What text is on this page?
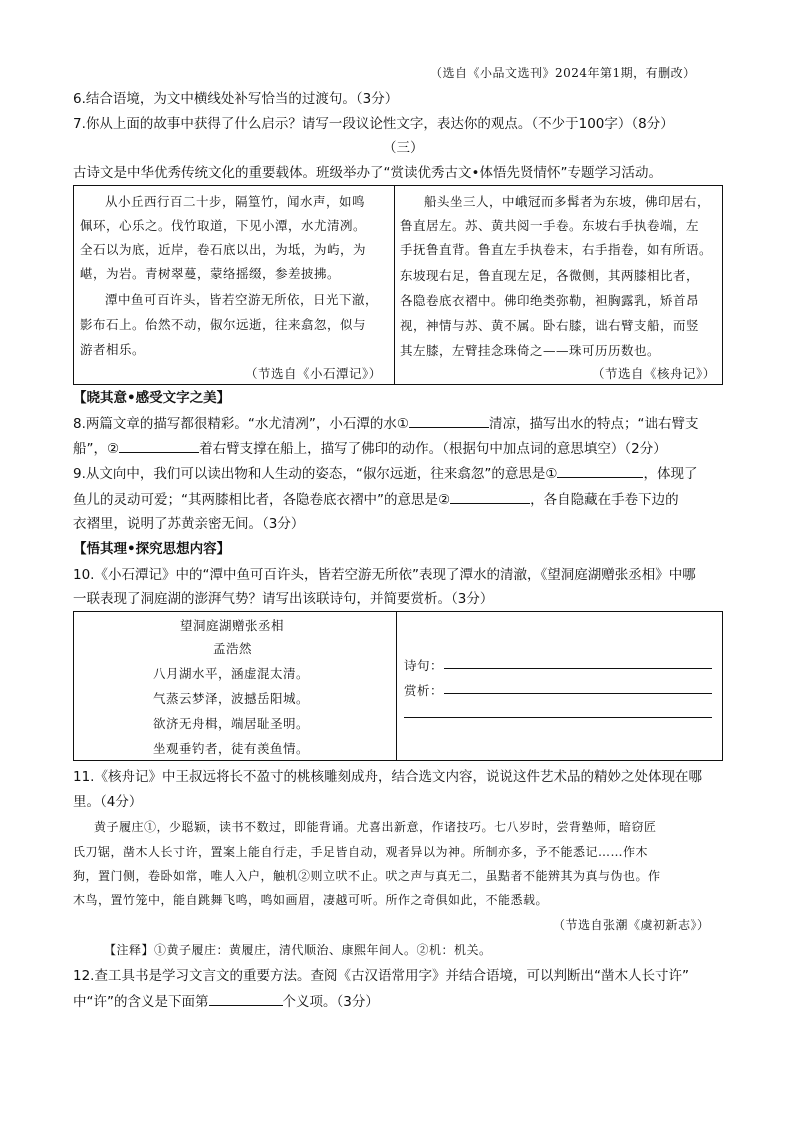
（选自《小品文选刊》2024年第1期，有删改）
6.结合语境，为文中横线处补写恰当的过渡句。（3分）
7.你从上面的故事中获得了什么启示？请写一段议论性文字，表达你的观点。（不少于100字）（8分）
（三）
古诗文是中华优秀传统文化的重要载体。班级举办了“赏读优秀古文•体悟先贤情怀”专题学习活动。
从小丘西行百二十步，隔篁竹，闻水声，如鸣
佩环，心乐之。伐竹取道，下见小潭，水尤清冽。
全石以为底，近岸，卷石底以出，为坻，为屿，为
嵁，为岩。青树翠蔓，蒙络摇缀，参差披拂。
潭中鱼可百许头，皆若空游无所依，日光下澈，
影布石上。佁然不动，俶尔远逝，往来翕忽，似与
游者相乐。
（节选自《小石潭记》）
船头坐三人，中峨冠而多髯者为东坡，佛印居右，
鲁直居左。苏、黄共阅一手卷。东坡右手执卷端，左
手抚鲁直背。鲁直左手执卷末，右手指卷，如有所语。
东坡现右足，鲁直现左足，各微侧，其两膝相比者，
各隐卷底衣褶中。佛印绝类弥勒，袒胸露乳，矫首昂
视，神情与苏、黄不属。卧右膝，诎右臂支船，而竖
其左膝，左臂挂念珠倚之——珠可历历数也。
（节选自《核舟记》）
【晓其意•感受文字之美】
8.两篇文章的描写都很精彩。“水尤清冽”，小石潭的水①	清凉，描写出水的特点；“诎右臂支
船”，②	着右臂支撑在船上，描写了佛印的动作。（根据句中加点词的意思填空）（2分）
9.从文向中，我们可以读出物和人生动的姿态，“俶尔远逝，往来翕忽”的意思是①	，体现了
鱼儿的灵动可爱；“其两膝相比者，各隐卷底衣褶中”的意思是②	，各自隐藏在手卷下边的
衣褶里，说明了苏黄亲密无间。（3分）
【悟其理•探究思想内容】
10.《小石潭记》中的“潭中鱼可百许头，皆若空游无所依”表现了潭水的清澈，《望洞庭湖赠张丞相》中哪
一联表现了洞庭湖的澎湃气势？请写出该联诗句，并简要赏析。（3分）
望洞庭湖赠张丞相
孟浩然
八月湖水平，涵虚混太清。
气蒸云梦泽，波撼岳阳城。
欲济无舟楫，端居耻圣明。
坐观垂钓者，徒有羡鱼情。
诗句：
赏析：
11.《核舟记》中王叔远将长不盈寸的桃核雕刻成舟，结合选文内容，说说这件艺术品的精妙之处体现在哪
里。（4分）
黄子履庄①，少聪颖，读书不数过，即能背诵。尤喜出新意，作诸技巧。七八岁时，尝背塾师，暗窃匠
氏刀锯，凿木人长寸许，置案上能自行走，手足皆自动，观者异以为神。所制亦多，予不能悉记……作木
狗，置门侧，卷卧如常，唯人入户，触机②则立吠不止。吠之声与真无二，虽黠者不能辨其为真与伪也。作
木鸟，置竹笼中，能自跳舞飞鸣，鸣如画眉，凄越可听。所作之奇俱如此，不能悉载。
（节选自张潮《虞初新志》）
【注释】①黄子履庄：黄履庄，清代顺治、康熙年间人。②机：机关。
12.查工具书是学习文言文的重要方法。查阅《古汉语常用字》并结合语境，可以判断出“凿木人长寸许”
中“许”的含义是下面第	个义项。（3分）
